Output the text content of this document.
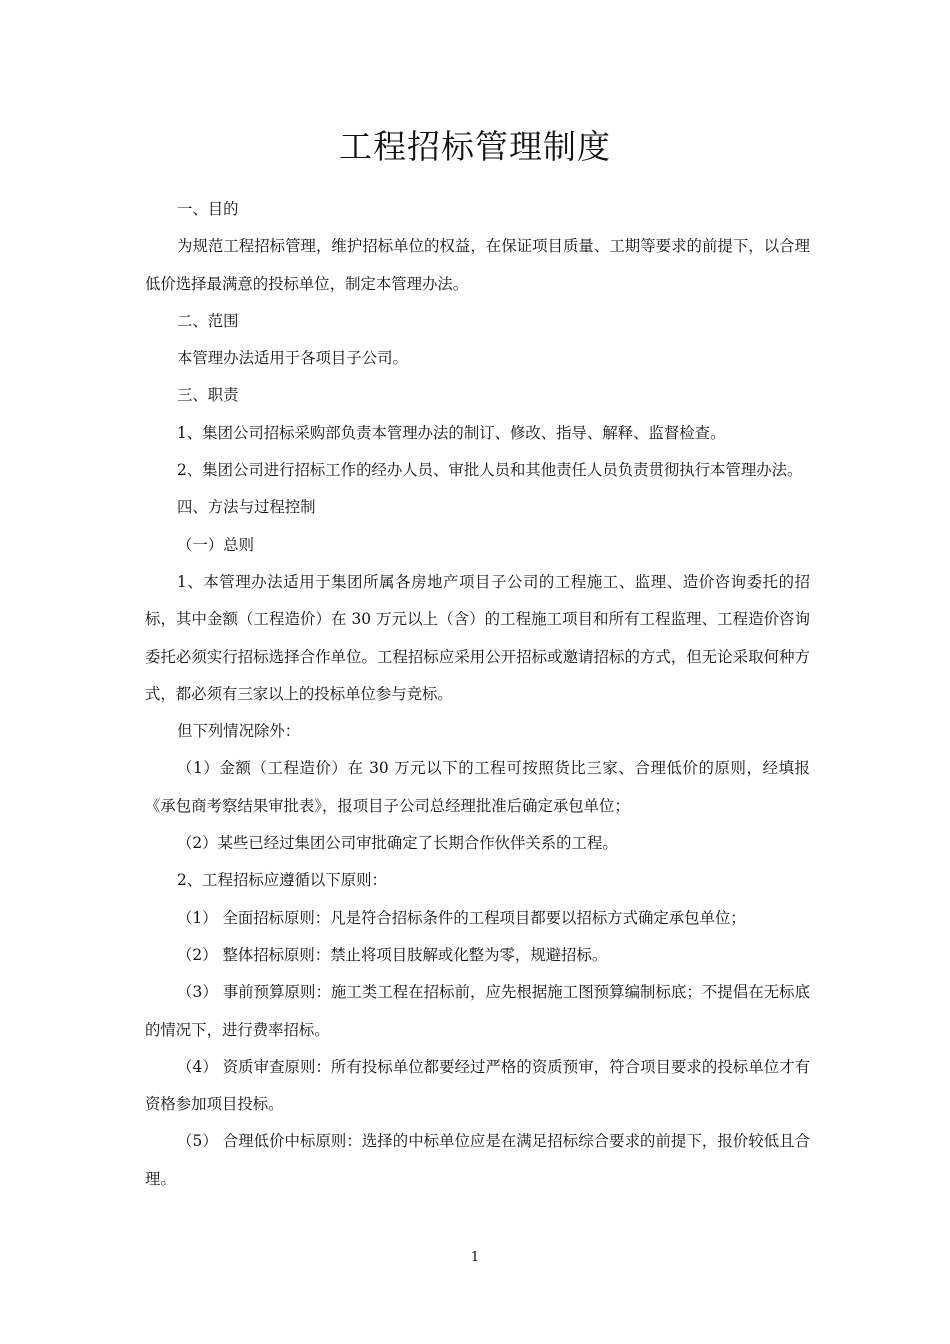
工程招标管理制度

一、目的

为规范工程招标管理，维护招标单位的权益，在保证项目质量、工期等要求的前提下，以合理低价选择最满意的投标单位，制定本管理办法。

二、范围

本管理办法适用于各项目子公司。

三、职责

1、集团公司招标采购部负责本管理办法的制订、修改、指导、解释、监督检查。

2、集团公司进行招标工作的经办人员、审批人员和其他责任人员负责贯彻执行本管理办法。

四、方法与过程控制

（一）总则

1、本管理办法适用于集团所属各房地产项目子公司的工程施工、监理、造价咨询委托的招标，其中金额（工程造价）在 30 万元以上（含）的工程施工项目和所有工程监理、工程造价咨询委托必须实行招标选择合作单位。工程招标应采用公开招标或邀请招标的方式，但无论采取何种方式，都必须有三家以上的投标单位参与竞标。

但下列情况除外：

（1）金额（工程造价）在 30 万元以下的工程可按照货比三家、合理低价的原则，经填报《承包商考察结果审批表》，报项目子公司总经理批准后确定承包单位；

（2）某些已经过集团公司审批确定了长期合作伙伴关系的工程。

2、工程招标应遵循以下原则：

（1） 全面招标原则：凡是符合招标条件的工程项目都要以招标方式确定承包单位；

（2） 整体招标原则：禁止将项目肢解或化整为零，规避招标。

（3） 事前预算原则：施工类工程在招标前，应先根据施工图预算编制标底；不提倡在无标底的情况下，进行费率招标。

（4） 资质审查原则：所有投标单位都要经过严格的资质预审，符合项目要求的投标单位才有资格参加项目投标。

（5） 合理低价中标原则：选择的中标单位应是在满足招标综合要求的前提下，报价较低且合理。

1
